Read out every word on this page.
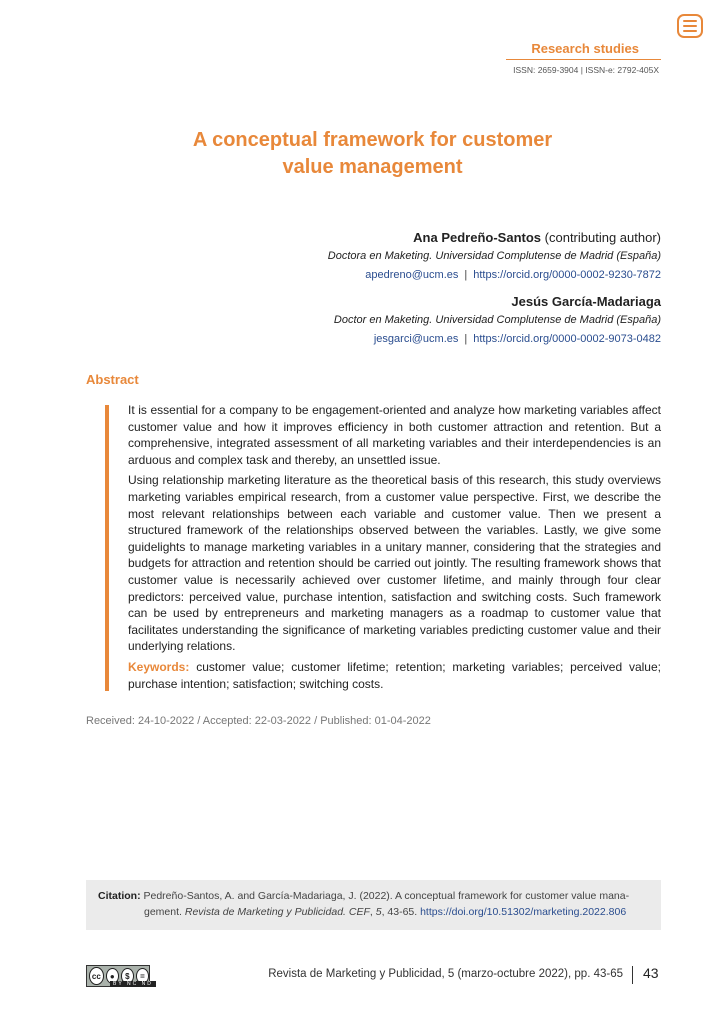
Research studies
ISSN: 2659-3904 | ISSN-e: 2792-405X
A conceptual framework for customer
value management
Ana Pedreño-Santos (contributing author)
Doctora en Maketing. Universidad Complutense de Madrid (España)
apedreno@ucm.es | https://orcid.org/0000-0002-9230-7872
Jesús García-Madariaga
Doctor en Maketing. Universidad Complutense de Madrid (España)
jesgarci@ucm.es | https://orcid.org/0000-0002-9073-0482
Abstract

It is essential for a company to be engagement-oriented and analyze how marketing variables affect customer value and how it improves efficiency in both customer attraction and retention. But a comprehensive, integrated assessment of all marketing variables and their interdependencies is an arduous and complex task and thereby, an unsettled issue.

Using relationship marketing literature as the theoretical basis of this research, this study overviews marketing variables empirical research, from a customer value perspective. First, we describe the most relevant relationships between each variable and customer value. Then we present a structured framework of the relationships observed between the variables. Lastly, we give some guidelights to manage marketing variables in a unitary manner, considering that the strategies and budgets for attraction and retention should be carried out jointly. The resulting framework shows that customer value is necessarily achieved over customer lifetime, and mainly through four clear predictors: perceived value, purchase intention, satisfaction and switching costs. Such framework can be used by entrepreneurs and marketing managers as a roadmap to customer value that facilitates understanding the significance of marketing variables predicting customer value and their underlying relations.

Keywords: customer value; customer lifetime; retention; marketing variables; perceived value; purchase intention; satisfaction; switching costs.

Received: 24-10-2022 / Accepted: 22-03-2022 / Published: 01-04-2022
Citation: Pedreño-Santos, A. and García-Madariaga, J. (2022). A conceptual framework for customer value mana-
gement. Revista de Marketing y Publicidad. CEF, 5, 43-65. https://doi.org/10.51302/marketing.2022.806
cc	●	$	=
BY NC ND
Revista de Marketing y Publicidad, 5 (marzo-octubre 2022), pp. 43-65 43
